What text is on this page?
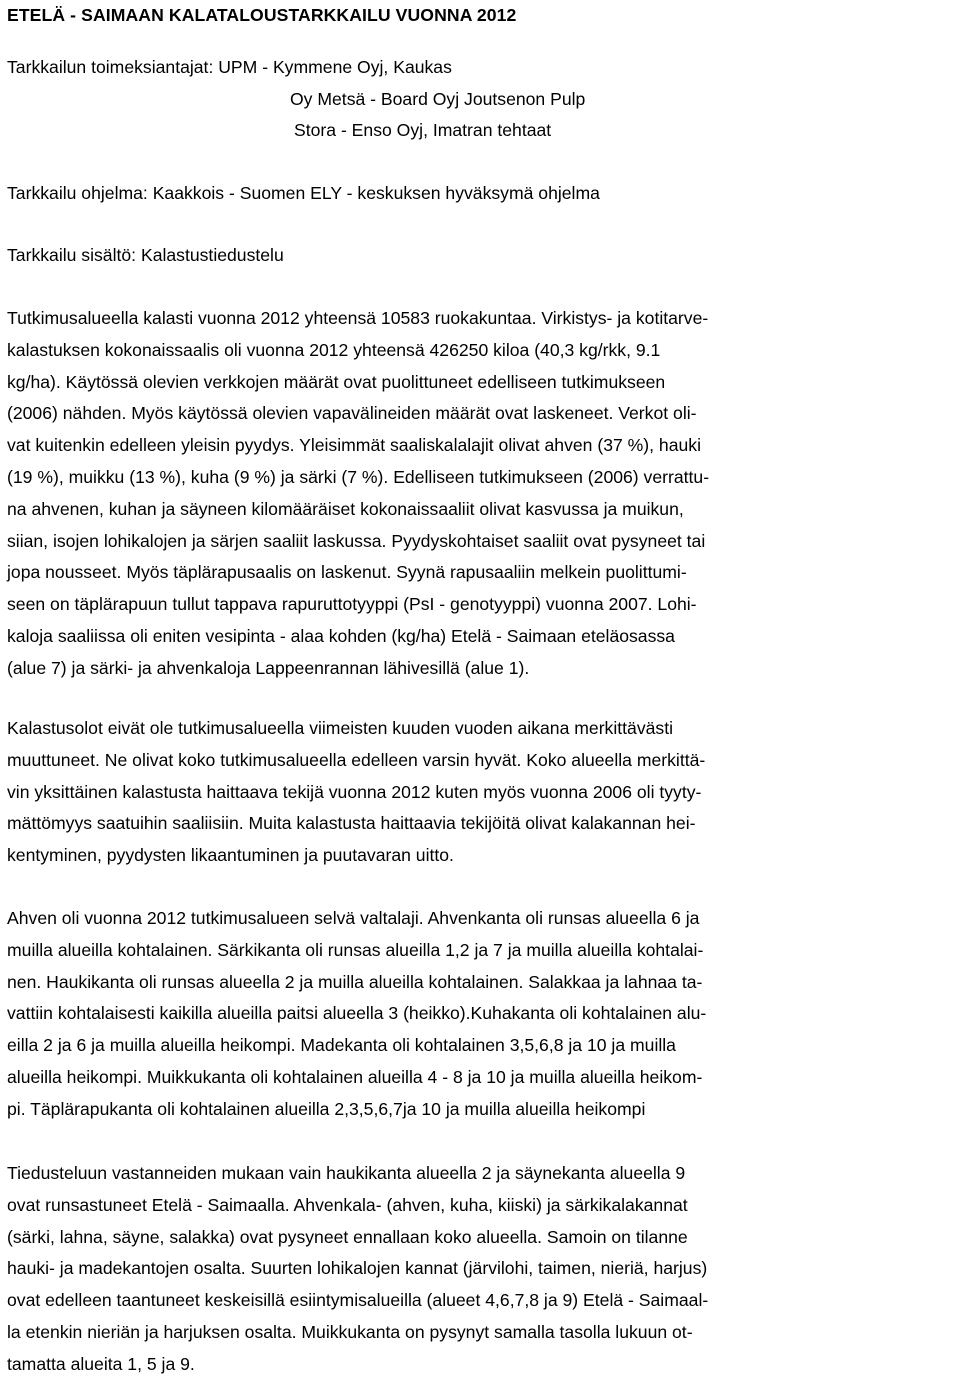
ETELÄ - SAIMAAN KALATALOUSTARKKAILU VUONNA 2012

Tarkkailun toimeksiantajat: UPM - Kymmene Oyj, Kaukas

Oy Metsä - Board Oyj Joutsenon Pulp

Stora - Enso Oyj, Imatran tehtaat

Tarkkailu ohjelma: Kaakkois - Suomen ELY - keskuksen hyväksymä ohjelma

Tarkkailu sisältö: Kalastustiedustelu

Tutkimusalueella kalasti vuonna 2012 yhteensä 10583 ruokakuntaa. Virkistys- ja kotitarve-
kalastuksen kokonaissaalis oli vuonna 2012 yhteensä 426250 kiloa (40,3 kg/rkk, 9.1
kg/ha). Käytössä olevien verkkojen määrät ovat puolittuneet edelliseen tutkimukseen
(2006) nähden. Myös käytössä olevien vapavälineiden määrät ovat laskeneet. Verkot oli-
vat kuitenkin edelleen yleisin pyydys. Yleisimmät saaliskalalajit olivat ahven (37 %), hauki
(19 %), muikku (13 %), kuha (9 %) ja särki (7 %). Edelliseen tutkimukseen (2006) verrattu-
na ahvenen, kuhan ja säyneen kilomääräiset kokonaissaaliit olivat kasvussa ja muikun,
siian, isojen lohikalojen ja särjen saaliit laskussa. Pyydyskohtaiset saaliit ovat pysyneet tai
jopa nousseet. Myös täplärapusaalis on laskenut. Syynä rapusaaliin melkein puolittumi-
seen on täplärapuun tullut tappava rapuruttotyyppi (PsI - genotyyppi) vuonna 2007. Lohi-
kaloja saaliissa oli eniten vesipinta - alaa kohden (kg/ha) Etelä - Saimaan eteläosassa
(alue 7) ja särki- ja ahvenkaloja Lappeenrannan lähivesillä (alue 1).
Kalastusolot eivät ole tutkimusalueella viimeisten kuuden vuoden aikana merkittävästi
muuttuneet. Ne olivat koko tutkimusalueella edelleen varsin hyvät. Koko alueella merkittä-
vin yksittäinen kalastusta haittaava tekijä vuonna 2012 kuten myös vuonna 2006 oli tyyty-
mättömyys saatuihin saaliisiin. Muita kalastusta haittaavia tekijöitä olivat kalakannan hei-
kentyminen, pyydysten likaantuminen ja puutavaran uitto.
Ahven oli vuonna 2012 tutkimusalueen selvä valtalaji. Ahvenkanta oli runsas alueella 6 ja
muilla alueilla kohtalainen. Särkikanta oli runsas alueilla 1,2 ja 7 ja muilla alueilla kohtalai-
nen. Haukikanta oli runsas alueella 2 ja muilla alueilla kohtalainen. Salakkaa ja lahnaa ta-
vattiin kohtalaisesti kaikilla alueilla paitsi alueella 3 (heikko).Kuhakanta oli kohtalainen alu-
eilla 2 ja 6 ja muilla alueilla heikompi. Madekanta oli kohtalainen 3,5,6,8 ja 10 ja muilla
alueilla heikompi. Muikkukanta oli kohtalainen alueilla 4 - 8 ja 10 ja muilla alueilla heikom-
pi. Täplärapukanta oli kohtalainen alueilla 2,3,5,6,7ja 10 ja muilla alueilla heikompi
Tiedusteluun vastanneiden mukaan vain haukikanta alueella 2 ja säynekanta alueella 9
ovat runsastuneet Etelä - Saimaalla. Ahvenkala- (ahven, kuha, kiiski) ja särkikalakannat
(särki, lahna, säyne, salakka) ovat pysyneet ennallaan koko alueella. Samoin on tilanne
hauki- ja madekantojen osalta. Suurten lohikalojen kannat (järvilohi, taimen, nieriä, harjus)
ovat edelleen taantuneet keskeisillä esiintymisalueilla (alueet 4,6,7,8 ja 9) Etelä - Saimaal-
la etenkin nieriän ja harjuksen osalta. Muikkukanta on pysynyt samalla tasolla lukuun ot-
tamatta alueita 1, 5 ja 9.
